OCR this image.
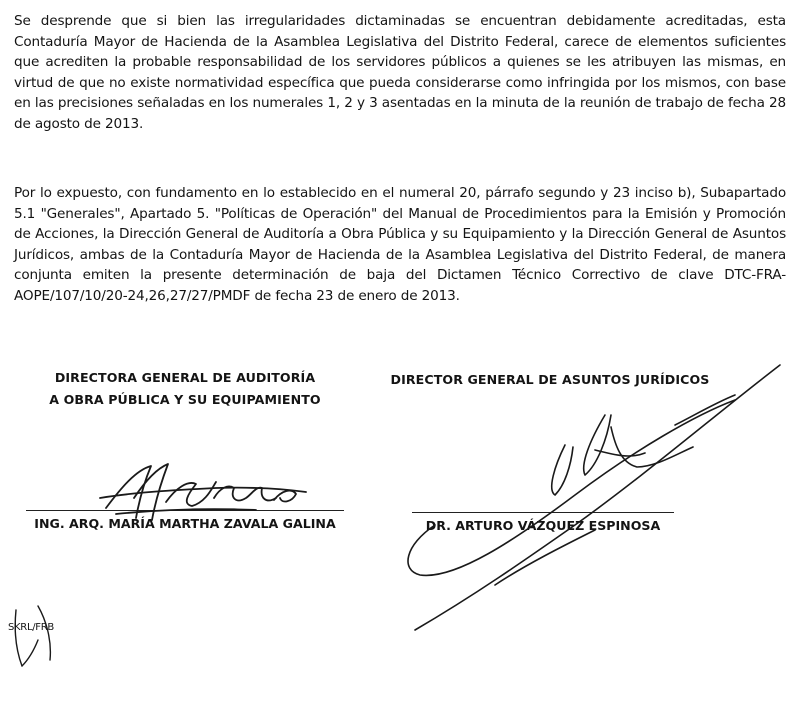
Se desprende que si bien las irregularidades dictaminadas se encuentran debidamente acreditadas, esta Contaduría Mayor de Hacienda de la Asamblea Legislativa del Distrito Federal, carece de elementos suficientes que acrediten la probable responsabilidad de los servidores públicos a quienes se les atribuyen las mismas, en virtud de que no existe normatividad específica que pueda considerarse como infringida por los mismos, con base en las precisiones señaladas en los numerales 1, 2 y 3 asentadas en la minuta de la reunión de trabajo de fecha 28 de agosto de 2013.

Por lo expuesto, con fundamento en lo establecido en el numeral 20, párrafo segundo y 23 inciso b), Subapartado 5.1 "Generales", Apartado 5. "Políticas de Operación" del Manual de Procedimientos para la Emisión y Promoción de Acciones, la Dirección General de Auditoría a Obra Pública y su Equipamiento y la Dirección General de Asuntos Jurídicos, ambas de la Contaduría Mayor de Hacienda de la Asamblea Legislativa del Distrito Federal, de manera conjunta emiten la presente determinación de baja del Dictamen Técnico Correctivo de clave DTC-FRA-AOPE/107/10/20-24,26,27/27/PMDF de fecha 23 de enero de 2013.

DIRECTORA GENERAL DE AUDITORÍA
A OBRA PÚBLICA Y SU EQUIPAMIENTO
ING. ARQ. MARÍA MARTHA ZAVALA GALINA
DIRECTOR GENERAL DE ASUNTOS JURÍDICOS
DR. ARTURO VÁZQUEZ ESPINOSA
SKRL/FRB
